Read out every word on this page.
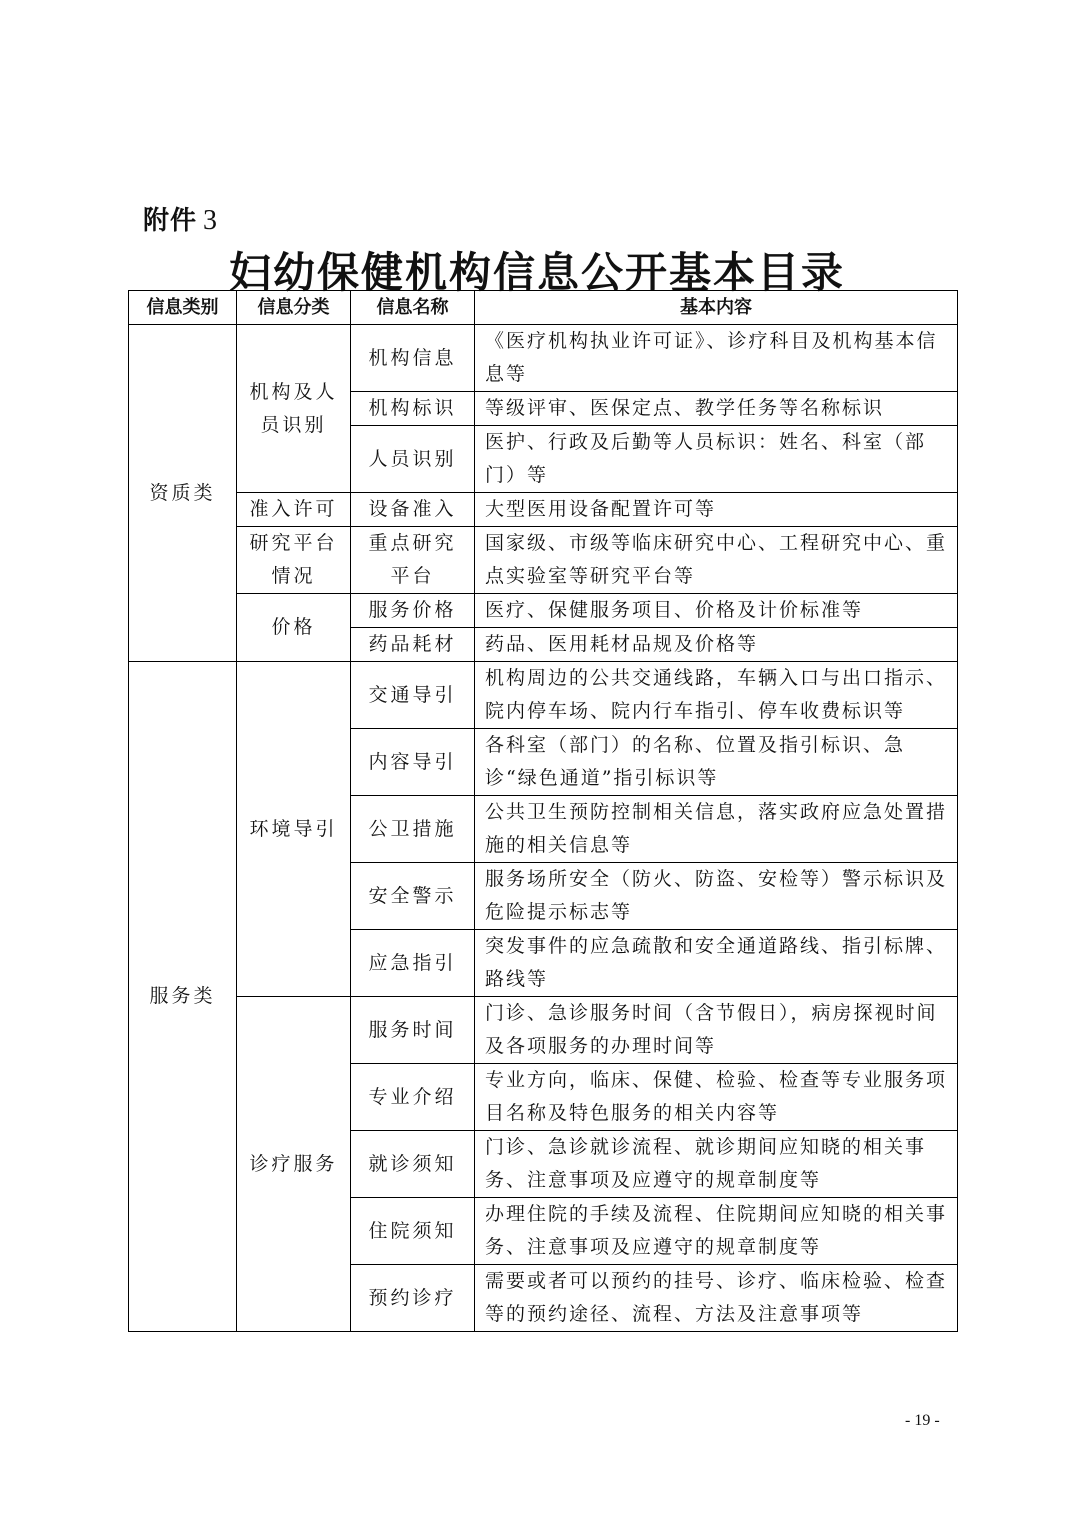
附件 3
妇幼保健机构信息公开基本目录
信息类别	信息分类	信息名称	基本内容
资质类	机构及人员识别	机构信息	《医疗机构执业许可证》、诊疗科目及机构基本信息等
		机构标识	等级评审、医保定点、教学任务等名称标识
		人员识别	医护、行政及后勤等人员标识：姓名、科室（部门）等
	准入许可	设备准入	大型医用设备配置许可等

	研究平台情况	重点研究平台	国家级、市级等临床研究中心、工程研究中心、重点实验室等研究平台等
	价格	服务价格	医疗、保健服务项目、价格及计价标准等
		药品耗材	药品、医用耗材品规及价格等
服务类	环境导引	交通导引	机构周边的公共交通线路，车辆入口与出口指示、院内停车场、院内行车指引、停车收费标识等
		内容导引	各科室（部门）的名称、位置及指引标识、急诊“绿色通道”指引标识等
		公卫措施	公共卫生预防控制相关信息，落实政府应急处置措施的相关信息等
		安全警示	服务场所安全（防火、防盗、安检等）警示标识及危险提示标志等
		应急指引	突发事件的应急疏散和安全通道路线、指引标牌、路线等
	诊疗服务	服务时间	门诊、急诊服务时间（含节假日），病房探视时间及各项服务的办理时间等
		专业介绍	专业方向，临床、保健、检验、检查等专业服务项目名称及特色服务的相关内容等
		就诊须知	门诊、急诊就诊流程、就诊期间应知晓的相关事务、注意事项及应遵守的规章制度等
		住院须知	办理住院的手续及流程、住院期间应知晓的相关事务、注意事项及应遵守的规章制度等
		预约诊疗	需要或者可以预约的挂号、诊疗、临床检验、检查等的预约途径、流程、方法及注意事项等
- 19 -
